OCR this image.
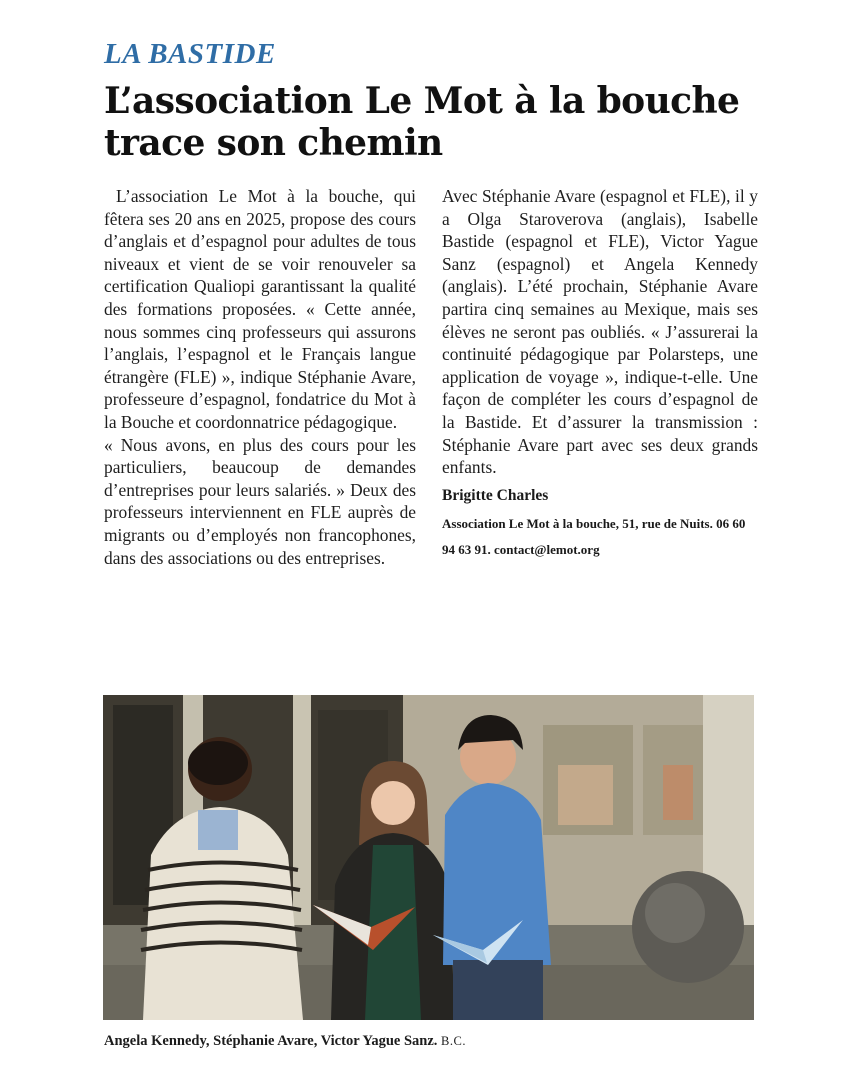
LA BASTIDE
L’association Le Mot à la bouche trace son chemin

L’association Le Mot à la bouche, qui fêtera ses 20 ans en 2025, propose des cours d’anglais et d’espagnol pour adultes de tous niveaux et vient de se voir renouveler sa certification Qualiopi garantissant la qualité des formations proposées. « Cette année, nous sommes cinq professeurs qui assurons l’anglais, l’espagnol et le Français langue étrangère (FLE) », indique Stéphanie Avare, professeure d’espagnol, fondatrice du Mot à la Bouche et coordonnatrice pédagogique.

« Nous avons, en plus des cours pour les particuliers, beaucoup de demandes d’entreprises pour leurs salariés. » Deux des professeurs interviennent en FLE auprès de migrants ou d’employés non francophones, dans des associations ou des entreprises.

Avec Stéphanie Avare (espagnol et FLE), il y a Olga Staroverova (anglais), Isabelle Bastide (espagnol et FLE), Victor Yague Sanz (espagnol) et Angela Kennedy (anglais). L’été prochain, Stéphanie Avare partira cinq semaines au Mexique, mais ses élèves ne seront pas oubliés. « J’assurerai la continuité pédagogique par Polarsteps, une application de voyage », indique-t-elle. Une façon de compléter les cours d’espagnol de la Bastide. Et d’assurer la transmission : Stéphanie Avare part avec ses deux grands enfants.

Brigitte Charles
Association Le Mot à la bouche, 51, rue de Nuits. 06 60 94 63 91. contact@lemot.org
Angela Kennedy, Stéphanie Avare, Victor Yague Sanz. B.C.
